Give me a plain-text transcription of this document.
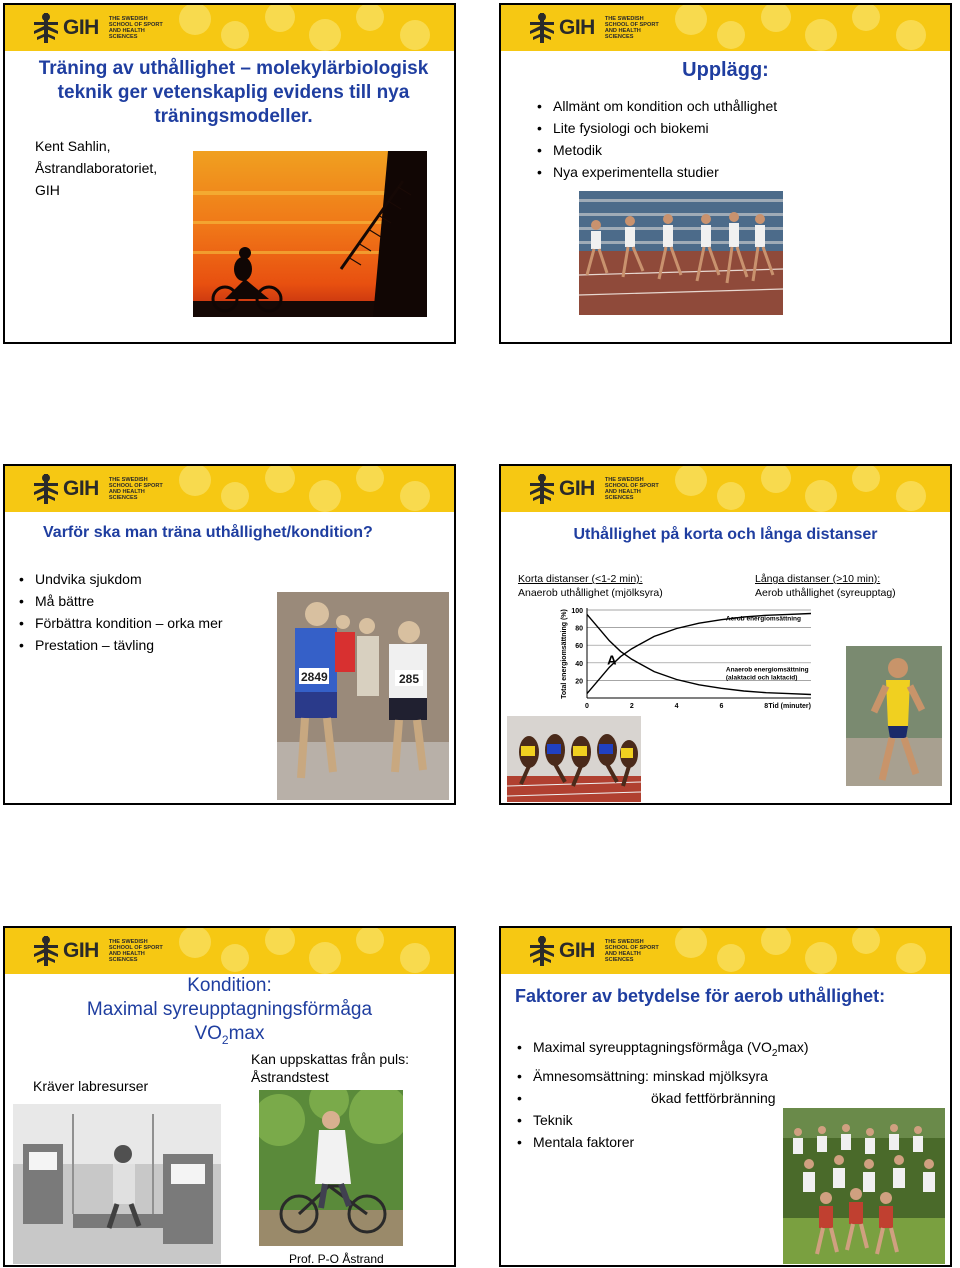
GIH THE SWEDISH
SCHOOL OF SPORT
AND HEALTH SCIENCES
Träning av uthållighet – molekylärbiologisk teknik ger vetenskaplig evidens till nya träningsmodeller.
Kent Sahlin,
Åstrandlaboratoriet,
GIH
GIH THE SWEDISH
SCHOOL OF SPORT
AND HEALTH SCIENCES
Upplägg:
• Allmänt om kondition och uthållighet
• Lite fysiologi och biokemi
• Metodik
• Nya experimentella studier
GIH THE SWEDISH
SCHOOL OF SPORT
AND HEALTH SCIENCES
Varför ska man träna uthållighet/kondition?
• Undvika sjukdom
• Må bättre
• Förbättra kondition – orka mer
• Prestation – tävling
2849	285
GIH THE SWEDISH
SCHOOL OF SPORT
AND HEALTH SCIENCES
Uthållighet på korta och långa distanser
Korta distanser (<1-2 min):
Anaerob uthållighet (mjölksyra)
Långa distanser (>10 min):
Aerob uthållighet (syreupptag)
20
40
60
80
100
0	2	4	6	8
Total energiomsättning (%)
Tid (minuter)
Aerob energiomsättning
Anaerob energiomsättning
(alaktacid och laktacid)
A
GIH THE SWEDISH
SCHOOL OF SPORT
AND HEALTH SCIENCES
Kondition:
Maximal syreupptagningsförmåga
$VO_2\max$
Kräver labresurser
Kan uppskattas från puls:
Åstrandstest
Prof. P-O Åstrand
GIH THE SWEDISH
SCHOOL OF SPORT
AND HEALTH SCIENCES
Faktorer av betydelse för aerob uthållighet:
• Maximal syreupptagningsförmåga $(VO_2\max)$
• Ämnesomsättning: minskad mjölksyra
• ökad fettförbränning
• Teknik
• Mentala faktorer
